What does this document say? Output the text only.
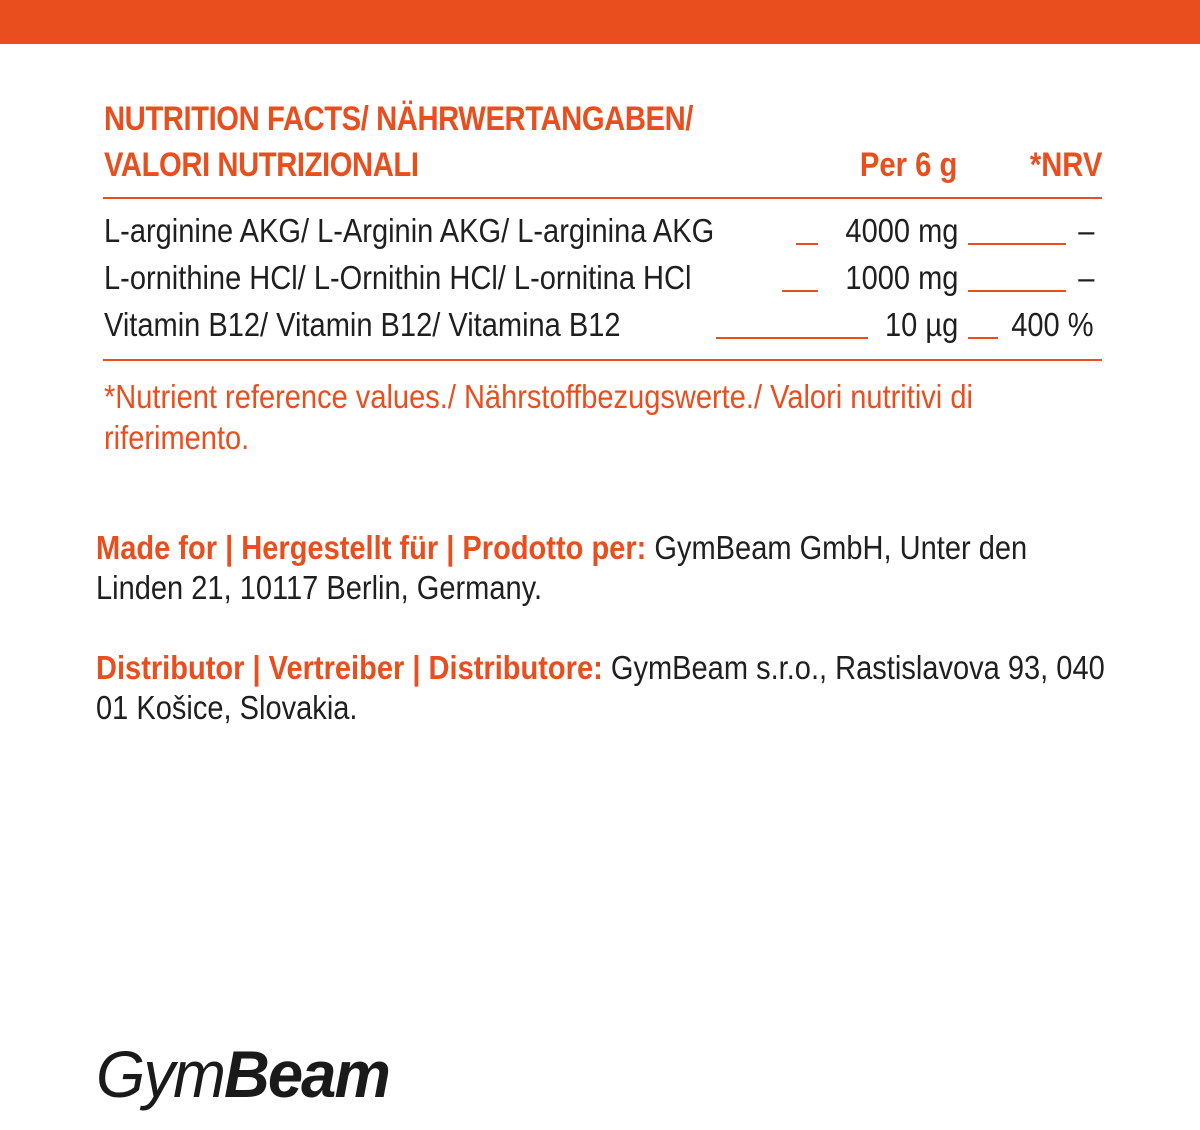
NUTRITION FACTS/ NÄHRWERTANGABEN/
VALORI NUTRIZIONALI	Per 6 g *NRV
L-arginine AKG/ L-Arginin AKG/ L-arginina AKG	4000 mg	–
L-ornithine HCl/ L-Ornithin HCl/ L-ornitina HCl	1000 mg	–
Vitamin B12/ Vitamin B12/ Vitamina B12	10 µg 400 %
*Nutrient reference values./ Nährstoffbezugswerte./ Valori nutritivi di riferimento.
Made for | Hergestellt für | Prodotto per: GymBeam GmbH, Unter den Linden 21, 10117 Berlin, Germany.
Distributor | Vertreiber | Distributore: GymBeam s.r.o., Rastislavova 93, 040 01 Košice, Slovakia.
GymBeam
